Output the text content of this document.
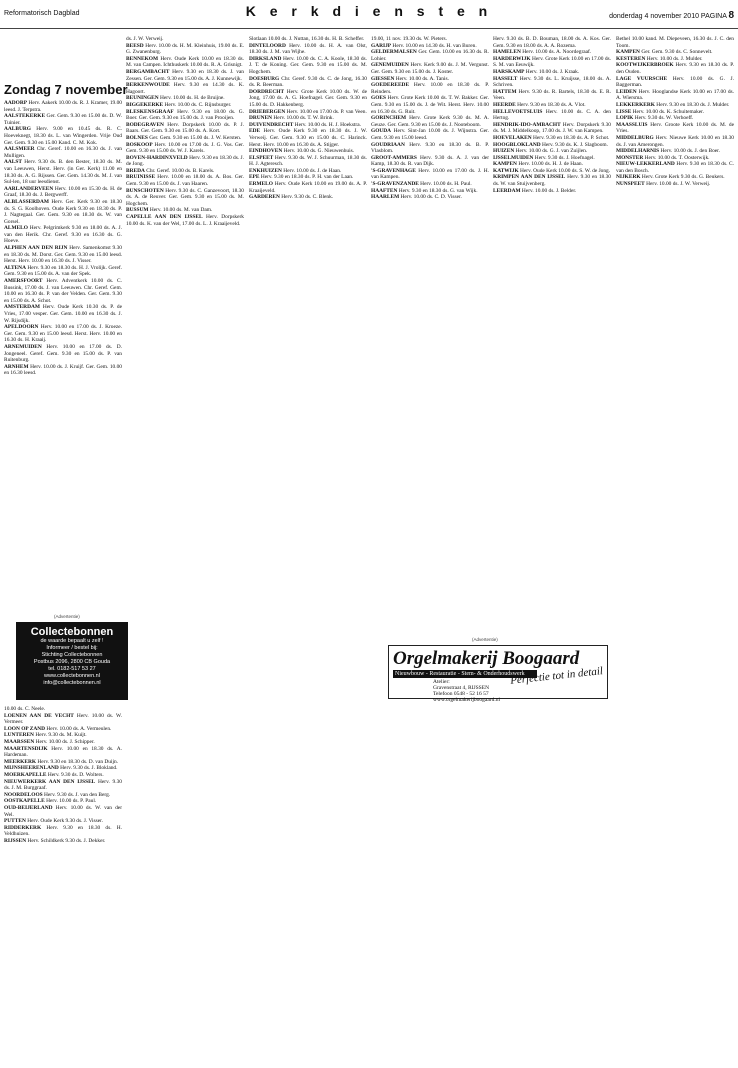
Reformatorisch Dagblad	K e r k d i e n s t e n	donderdag 4 november 2010 PAGINA 8
Zondag 7 november

AADORP Herv. Aakerk 10.00 ds. R. J. Kramer, 19.00 leesd. J. Terpstra.

AALSTEKERKE Ger. Gem. 9.30 en 15.00 ds. D. W. Tuinier.

AALBURG Herv. 9.00 en 10.45 ds. R. C. Hoeveknegt, 18.30 ds. L. van Wingerden. Vrije Oud Ger. Gem. 9.30 en 15.00 Kand. C. M. Kok.

AALSMEER Chr. Geref. 10.00 en 16.30 ds. J. van Mulligen.

AALST Herv. 9.30 ds. B. den Bester, 18.30 ds. M. van Leeuwen, Herst. Herv. (in Ger. Kerk) 11.00 en 18.30 ds. A. G. Rijssen. Ger. Gem. 14.30 ds. M. J. van Sul-len, 18 uur leesdienst.

AARLANDERVEEN Herv. 10.00 en 15.30 ds. H. de Graaf, 18.30 ds. J. Bergwerff.

ALBLASSERDAM Herv. Ger. Kerk 9.30 en 18.30 ds. S. G. Koolhoven. Oude Kerk 9.30 en 18.30 ds. P. J. Nagtegaal. Ger. Gem. 9.30 en 18.30 ds. W. van Gorsel.

ALMELO Herv. Pelgrimkerk 9.30 en 18.00 ds. A. J. van den Herik. Chr. Geref. 9.30 en 16.30 ds. G. Hoeve.

ALPHEN AAN DEN RIJN Herv. Samenkomst 9.30 en 18.30 ds. M. Dorst. Ger. Gem. 9.30 en 15.00 leesd. Herst. Herv. 10.00 en 16.30 ds. J. Visser.

ALTENA Herv. 9.30 en 18.30 ds. H. J. Vrolijk. Geref. Gem. 9.30 en 15.00 ds. A. van der Spek.

AMERSFOORT Herv. Adventkerk 10.00 ds. C. Bussink, 17.00 ds. J. van Leeuwen. Chr. Geref. Gem. 10.00 en 16.30 ds. P. van der Velden. Ger. Gem. 9.30 en 15.00 ds. A. Schot.

AMSTERDAM Herv. Oude Kerk 10.30 ds. P. de Vries, 17.00 vesper. Ger. Gem. 10.00 en 16.30 ds. J. W. Rijsdijk.

APELDOORN Herv. 10.00 en 17.00 ds. J. Kroeze. Ger. Gem. 9.30 en 15.00 leesd. Herst. Herv. 10.00 en 16.30 ds. H. Kraaij.

ARNEMUIDEN Herv. 10.00 en 17.00 ds. D. Jongeneel. Geref. Gem. 9.30 en 15.00 ds. P. van Ruitenburg.

ARNHEM Herv. 10.00 ds. J. Kruijf. Ger. Gem. 10.00 en 16.30 leesd.

ds. J. W. Verweij.

BEESD Herv. 10.00 ds. H. M. Kleinhuis, 19.00 ds. E. G. Zwanenburg.

BENNEKOM Herv. Oude Kerk 10.00 en 18.30 ds. M. van Campen. Ichthuskerk 10.00 ds. R. A. Grisnigt.

BERGAMBACHT Herv. 9.30 en 18.30 ds. J. van Zessen. Ger. Gem. 9.30 en 15.00 ds. A. J. Kunnewijk.

BERKENWOUDE Herv. 9.30 en 14.30 ds. K. Hagoort.

BEUNINGEN Herv. 10.00 ds. H. de Bruijne.

BIGGEKERKE Herv. 10.00 ds. C. Rijnsburger.

BLESKENSGRAAF Herv. 9.30 en 18.00 ds. G. Boer. Ger. Gem. 9.30 en 15.00 ds. J. van Prooijen.

BODEGRAVEN Herv. Dorpskerk 10.00 ds. P. J. Baars. Ger. Gem. 9.30 en 15.00 ds. A. Kort.

BOLNES Ger. Gem. 9.30 en 15.00 ds. J. W. Kersten.

BOSKOOP Herv. 10.00 en 17.00 ds. J. G. Vos. Ger. Gem. 9.30 en 15.00 ds. W. J. Karels.

BOVEN-HARDINXVELD Herv. 9.30 en 18.30 ds. J. de Jong.

BREDA Chr. Geref. 10.00 ds. B. Karels.

BRUINISSE Herv. 10.00 en 18.00 ds. A. Bos. Ger. Gem. 9.30 en 15.00 ds. J. van Haaren.

BUNSCHOTEN Herv. 9.30 ds. C. Ganzevoort, 18.30 ds. A. de Reuver. Ger. Gem. 9.30 en 15.00 ds. M. Hogchem.

BUSSUM Herv. 10.00 ds. M. van Dam.

CAPELLE AAN DEN IJSSEL Herv. Dorpskerk 10.00 ds. K. van der Wel, 17.00 ds. L. J. Kraaijeveld.

Slotlaan 10.00 ds. J. Nuttan, 16.30 ds. H. B. Scheffer.

DINTELOORD Herv. 10.00 ds. H. A. van Olst, 18.30 ds. J. M. van Wijhe.

DIRKSLAND Herv. 10.00 ds. C. A. Koole, 18.30 ds. J. T. de Koning. Ger. Gem. 9.30 en 15.00 ds. M. Hogchem.

DOESBURG Chr. Geref. 9.30 ds. C. de Jong, 16.30 ds. R. Beerman.

DORDRECHT Herv. Grote Kerk 10.00 ds. W. de Jong, 17.00 ds. A. G. Hoefnagel. Ger. Gem. 9.30 en 15.00 ds. D. Hakkenberg.

DRIEBERGEN Herv. 10.00 en 17.00 ds. P. van Veen.

DRUNEN Herv. 10.00 ds. T. W. Brink.

DUIVENDRECHT Herv. 10.00 ds. H. J. Hoekstra.

EDE Herv. Oude Kerk 9.30 en 18.30 ds. J. W. Verweij. Ger. Gem. 9.30 en 15.00 ds. C. Harinck. Herst. Herv. 10.00 en 16.30 ds. A. Stijger.

EINDHOVEN Herv. 10.00 ds. G. Nieuwenhuis.

ELSPEET Herv. 9.30 ds. W. J. Schuurman, 18.30 ds. H. J. Agteresch.

ENKHUIZEN Herv. 10.00 ds. J. de Haan.

EPE Herv. 9.30 en 18.30 ds. P. H. van der Laan.

ERMELO Herv. Oude Kerk 10.00 en 19.00 ds. A. P. Kraaijeveld.

GARDEREN Herv. 9.30 ds. C. Blenk.

19.00, 11 nov. 19.30 ds. W. Pieters.

GARIJP Herv. 10.00 en 14.30 ds. H. van Buren.

GELDERMALSEN Ger. Gem. 10.00 en 16.30 ds. R. Lohier.

GENEMUIDEN Herv. Kerk 9.00 ds. J. M. Vergunst. Ger. Gem. 9.30 en 15.00 ds. J. Koster.

GIESSEN Herv. 10.00 ds. A. Tanis.

GOEDEREEDE Herv. 10.00 en 18.30 ds. P. Reinders.

GOES Herv. Grote Kerk 10.00 ds. T. W. Bakker. Ger. Gem. 9.30 en 15.00 ds. J. de Wit. Herst. Herv. 10.00 en 16.30 ds. G. Ruit.

GORINCHEM Herv. Grote Kerk 9.30 ds. M. A. Geuze. Ger. Gem. 9.30 en 15.00 ds. J. Nooteboom.

GOUDA Herv. Sint-Jan 10.00 ds. J. Wijnstra. Ger. Gem. 9.30 en 15.00 leesd.

GOUDRIAAN Herv. 9.30 en 18.30 ds. B. P. Vlasblom.

GROOT-AMMERS Herv. 9.30 ds. A. J. van der Kamp, 18.30 ds. R. van Dijk.

'S-GRAVENHAGE Herv. 10.00 en 17.00 ds. J. H. van Kampen.

'S-GRAVENZANDE Herv. 10.00 ds. H. Paul.

HAAFTEN Herv. 9.30 en 18.30 ds. G. van Wijk.

HAARLEM Herv. 10.00 ds. C. D. Visser.

Herv. 9.30 ds. B. D. Bouman, 18.00 ds. A. Kos. Ger. Gem. 9.30 en 18.00 ds. A. A. Rozema.

HAMELEN Herv. 10.00 ds. A. Noordegraaf.

HARDERWIJK Herv. Grote Kerk 10.00 en 17.00 ds. S. M. van Eeuwijk.

HARSKAMP Herv. 10.00 ds. J. Kraak.

HASSELT Herv. 9.30 ds. L. Kruijsse, 18.00 ds. A. Schriven.

HATTEM Herv. 9.30 ds. R. Bartels, 18.30 ds. E. R. Veen.

HEERDE Herv. 9.30 en 18.30 ds. A. Vlot.

HELLEVOETSLUIS Herv. 10.00 ds. C. A. den Hertog.

HENDRIK-IDO-AMBACHT Herv. Dorpskerk 9.30 ds. M. J. Middelkoop, 17.00 ds. J. W. van Kampen.

HOEVELAKEN Herv. 9.30 en 18.30 ds. A. P. Schot.

HOOGBLOKLAND Herv. 9.30 ds. K. J. Slagboom.

HUIZEN Herv. 10.00 ds. G. J. van Zuijlen.

IJSSELMUIDEN Herv. 9.30 ds. J. Hoefnagel.

KAMPEN Herv. 10.00 ds. H. J. de Haan.

KATWIJK Herv. Oude Kerk 10.00 ds. S. W. de Jong.

KRIMPEN AAN DEN IJSSEL Herv. 9.30 en 18.30 ds. W. van Stuijvenberg.

LEERDAM Herv. 10.00 ds. J. Belder.

Bethel 10.00 kand. M. Diepeveen, 16.30 ds. J. C. den Toom.

KAMPEN Ger. Gem. 9.30 ds. C. Sonnevelt.

KESTEREN Herv. 10.00 ds. J. Mulder.

KOOTWIJKERBROEK Herv. 9.30 en 18.30 ds. P. den Ouden.

LAGE VUURSCHE Herv. 10.00 ds. G. J. Baggerman.

LEIDEN Herv. Hooglandse Kerk 10.00 en 17.00 ds. A. Wiersma.

LEKKERKERK Herv. 9.30 en 18.30 ds. J. Mulder.

LISSE Herv. 10.00 ds. K. Schuitemaker.

LOPIK Herv. 9.30 ds. W. Verhoeff.

MAASSLUIS Herv. Groote Kerk 10.00 ds. M. de Vries.

MIDDELBURG Herv. Nieuwe Kerk 10.00 en 18.30 ds. J. van Amerongen.

MIDDELHARNIS Herv. 10.00 ds. J. den Boer.

MONSTER Herv. 10.00 ds. T. Oosterwijk.

NIEUW-LEKKERLAND Herv. 9.30 en 18.30 ds. C. van den Bosch.

NIJKERK Herv. Grote Kerk 9.30 ds. G. Beukers.

NUNSPEET Herv. 10.00 ds. J. W. Verweij.

10.00 ds. C. Neele.

LOENEN AAN DE VECHT Herv. 10.00 ds. W. Vermeer.

LOON OP ZAND Herv. 10.00 ds. A. Vermeulen.

LUNTEREN Herv. 9.30 ds. M. Kuijt.

MAARSSEN Herv. 10.00 ds. J. Schipper.

MAARTENSDIJK Herv. 10.00 en 18.30 ds. A. Hardeman.

MEERKERK Herv. 9.30 en 18.30 ds. D. van Duijn.

MIJNSHEERENLAND Herv. 9.30 ds. J. Blokland.

MOERKAPELLE Herv. 9.30 ds. D. Wolters.

NIEUWERKERK AAN DEN IJSSEL Herv. 9.30 ds. J. M. Burggraaf.

NOORDELOOS Herv. 9.30 ds. J. van den Berg.

OOSTKAPELLE Herv. 10.00 ds. P. Paul.

OUD-BEIJERLAND Herv. 10.00 ds. W. van der Wel.

PUTTEN Herv. Oude Kerk 9.30 ds. J. Visser.

RIDDERKERK Herv. 9.30 en 18.30 ds. H. Veldhuizen.

RIJSSEN Herv. Schildkerk 9.30 ds. J. Dekker.

(Advertentie)
Collectebonnen
de waarde bepaalt u zelf !
Informeer / bestel bij:
Stichting Collectebonnen
Postbus 2096, 2800 CB Gouda
tel. 0182-517 53 27
www.collectebonnen.nl
info@collectebonnen.nl
(Advertentie)
Orgelmakerij Boogaard
Nieuwbouw - Restauratie - Stem- & Onderhoudswerk
Atelier:
Gravenstraat 4, RIJSSEN
Telefoon 0548 - 52 16 57
www.orgelmakerijboogaard.nl
Perfectie tot in detail
